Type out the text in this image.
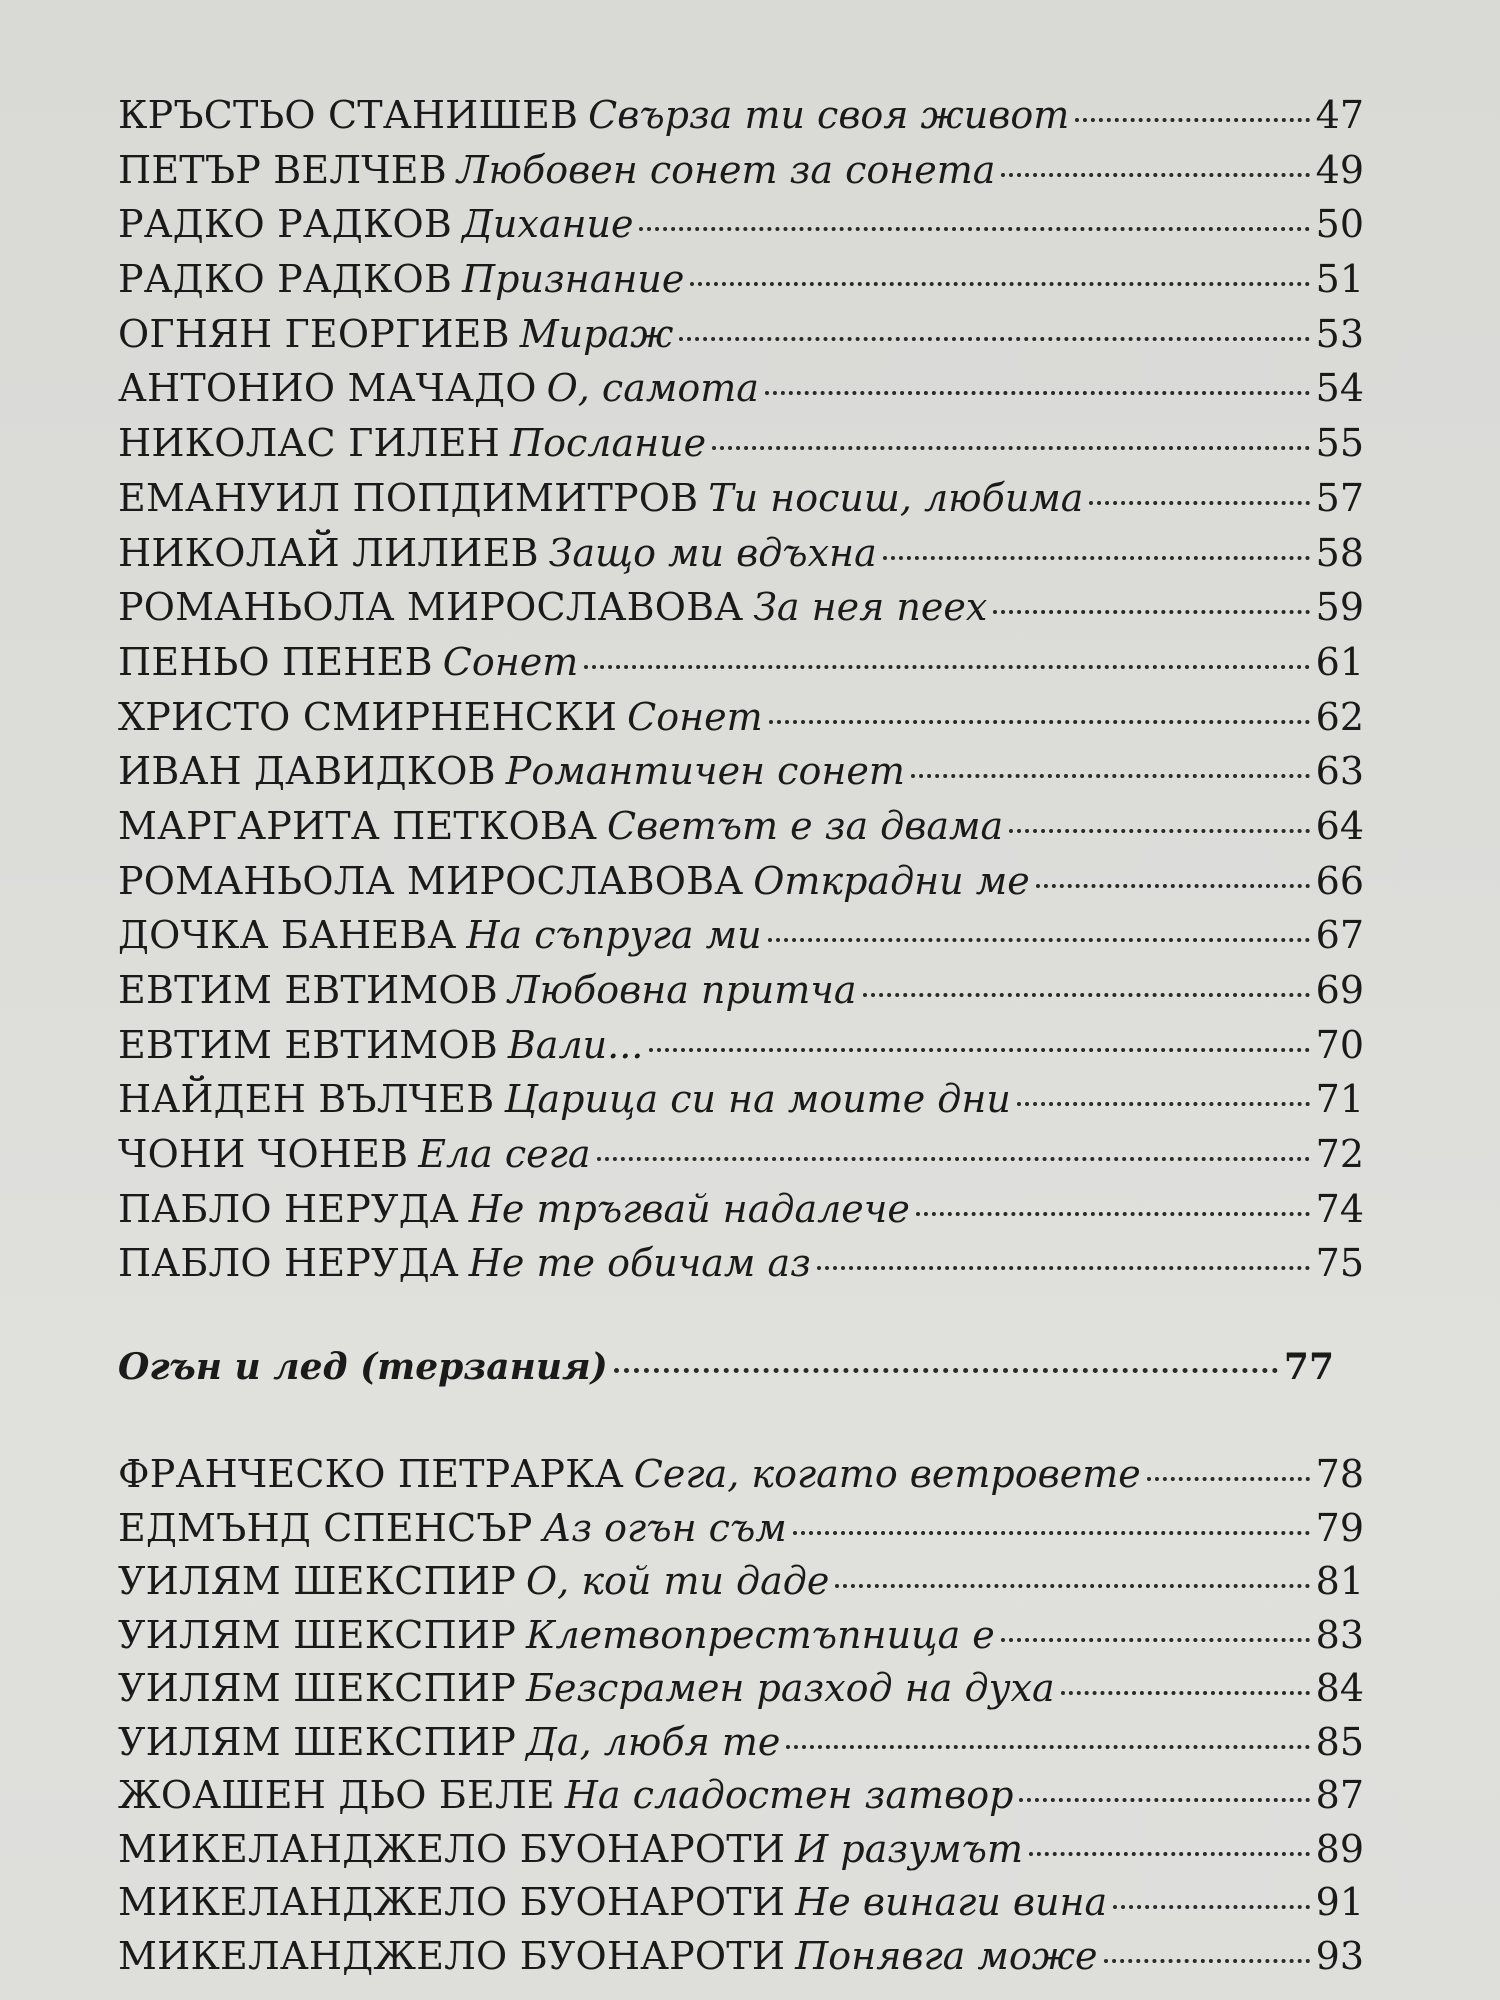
КРЪСТЬО СТАНИШЕВ Свърза ти своя живот	47
ПЕТЪР ВЕЛЧЕВ Любовен сонет за сонета	49
РАДКО РАДКОВ Дихание	50
РАДКО РАДКОВ Признание	51
ОГНЯН ГЕОРГИЕВ Мираж	53
АНТОНИО МАЧАДО О, самота	54
НИКОЛАС ГИЛЕН Послание	55
ЕМАНУИЛ ПОПДИМИТРОВ Ти носиш, любима	57
НИКОЛАЙ ЛИЛИЕВ Защо ми вдъхна	58
РОМАНЬОЛА МИРОСЛАВОВА За нея пеех	59
ПЕНЬО ПЕНЕВ Сонет	61
ХРИСТО СМИРНЕНСКИ Сонет	62
ИВАН ДАВИДКОВ Романтичен сонет	63
МАРГАРИТА ПЕТКОВА Светът е за двама	64
РОМАНЬОЛА МИРОСЛАВОВА Открадни ме	66
ДОЧКА БАНЕВА На съпруга ми	67
ЕВТИМ ЕВТИМОВ Любовна притча	69
ЕВТИМ ЕВТИМОВ Вали...	70
НАЙДЕН ВЪЛЧЕВ Царица си на моите дни	71
ЧОНИ ЧОНЕВ Ела сега	72
ПАБЛО НЕРУДА Не тръгвай надалече	74
ПАБЛО НЕРУДА Не те обичам аз	75
Огън и лед (терзания)	77
ФРАНЧЕСКО ПЕТРАРКА Сега, когато ветровете	78
ЕДМЪНД СПЕНСЪР Аз огън съм	79
УИЛЯМ ШЕКСПИР О, кой ти даде	81
УИЛЯМ ШЕКСПИР Клетвопрестъпница е	83
УИЛЯМ ШЕКСПИР Безсрамен разход на духа	84
УИЛЯМ ШЕКСПИР Да, любя те	85
ЖОАШЕН ДЬО БЕЛЕ На сладостен затвор	87
МИКЕЛАНДЖЕЛО БУОНАРОТИ И разумът	89
МИКЕЛАНДЖЕЛО БУОНАРОТИ Не винаги вина	91
МИКЕЛАНДЖЕЛО БУОНАРОТИ Понявга може	93
